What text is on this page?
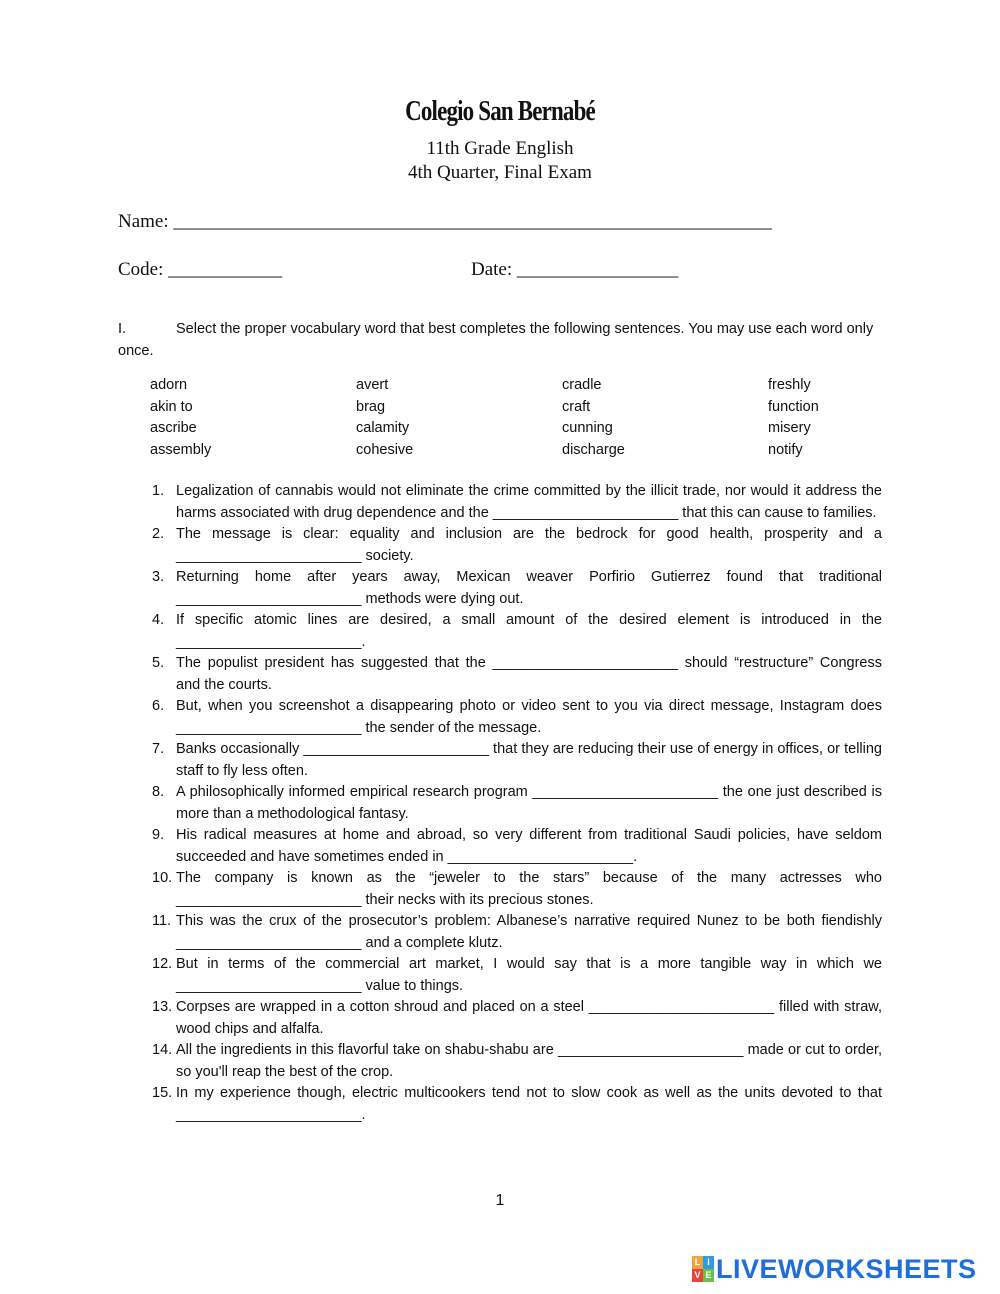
Colegio San Bernabé
11th Grade English
4th Quarter, Final Exam
Name: _______________________________________________________________
Code: ____________	Date: _________________
I.	Select the proper vocabulary word that best completes the following sentences. You may use each word only once.
adorn	avert	cradle	freshly
akin to	brag	craft	function
ascribe	calamity	cunning	misery
assembly	cohesive	discharge	notify
1. Legalization of cannabis would not eliminate the crime committed by the illicit trade, nor would it address the harms associated with drug dependence and the _______________________ that this can cause to families.
2. The message is clear: equality and inclusion are the bedrock for good health, prosperity and a _______________________ society.
3. Returning home after years away, Mexican weaver Porfirio Gutierrez found that traditional _______________________ methods were dying out.
4. If specific atomic lines are desired, a small amount of the desired element is introduced in the _______________________.
5. The populist president has suggested that the _______________________ should “restructure” Congress and the courts.
6. But, when you screenshot a disappearing photo or video sent to you via direct message, Instagram does _______________________ the sender of the message.
7. Banks occasionally _______________________ that they are reducing their use of energy in offices, or telling staff to fly less often.
8. A philosophically informed empirical research program _______________________ the one just described is more than a methodological fantasy.
9. His radical measures at home and abroad, so very different from traditional Saudi policies, have seldom succeeded and have sometimes ended in _______________________.
10. The company is known as the “jeweler to the stars” because of the many actresses who _______________________ their necks with its precious stones.
11. This was the crux of the prosecutor’s problem: Albanese’s narrative required Nunez to be both fiendishly _______________________ and a complete klutz.
12. But in terms of the commercial art market, I would say that is a more tangible way in which we _______________________ value to things.
13. Corpses are wrapped in a cotton shroud and placed on a steel _______________________ filled with straw, wood chips and alfalfa.
14. All the ingredients in this flavorful take on shabu-shabu are _______________________ made or cut to order, so you'll reap the best of the crop.
15. In my experience though, electric multicookers tend not to slow cook as well as the units devoted to that _______________________.
1
L I
V E LIVEWORKSHEETS
